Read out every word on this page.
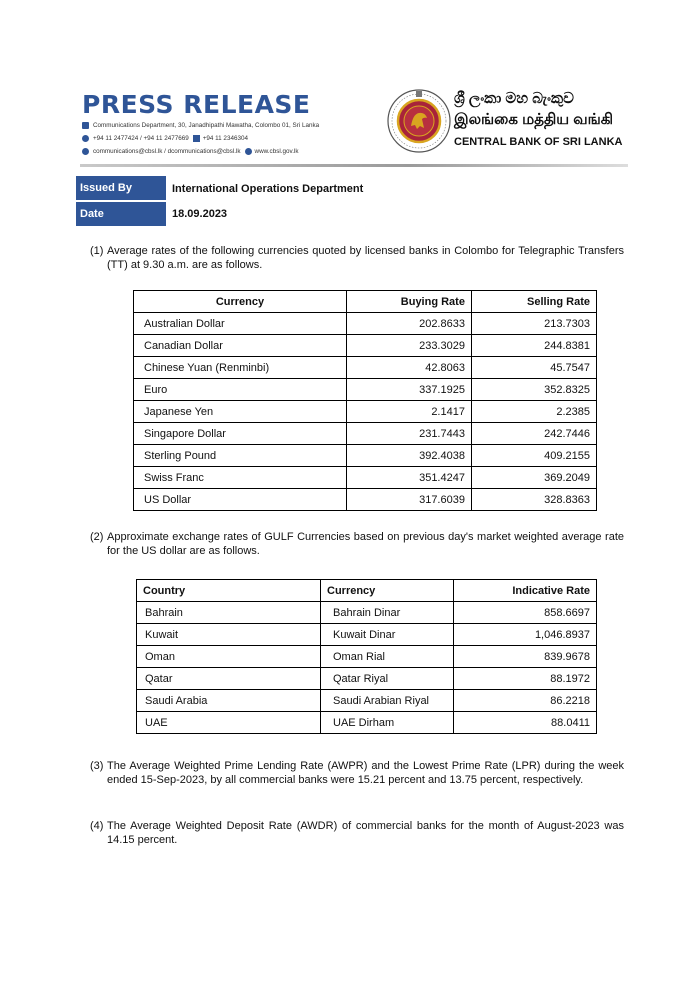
PRESS RELEASE
Communications Department, 30, Janadhipathi Mawatha, Colombo 01, Sri Lanka
+94 11 2477424 / +94 11 2477669 +94 11 2346304
communications@cbsl.lk / dcommunications@cbsl.lk www.cbsl.gov.lk
ශ්‍රී ලංකා මහ බැංකුව
இலங்கை மத்திய வங்கி
CENTRAL BANK OF SRI LANKA
Issued By	International Operations Department
Date	18.09.2023
(1) Average rates of the following currencies quoted by licensed banks in Colombo for Telegraphic Transfers (TT) at 9.30 a.m. are as follows.
Currency	Buying Rate	Selling Rate
Australian Dollar	202.8633	213.7303
Canadian Dollar	233.3029	244.8381
Chinese Yuan (Renminbi)	42.8063	45.7547
Euro	337.1925	352.8325
Japanese Yen	2.1417	2.2385
Singapore Dollar	231.7443	242.7446
Sterling Pound	392.4038	409.2155
Swiss Franc	351.4247	369.2049
US Dollar	317.6039	328.8363
(2) Approximate exchange rates of GULF Currencies based on previous day's market weighted average rate for the US dollar are as follows.
Country	Currency	Indicative Rate
Bahrain	Bahrain Dinar	858.6697
Kuwait	Kuwait Dinar	1,046.8937
Oman	Oman Rial	839.9678
Qatar	Qatar Riyal	88.1972
Saudi Arabia	Saudi Arabian Riyal	86.2218
UAE	UAE Dirham	88.0411
(3) The Average Weighted Prime Lending Rate (AWPR) and the Lowest Prime Rate (LPR) during the week ended 15-Sep-2023, by all commercial banks were 15.21 percent and 13.75 percent, respectively.
(4) The Average Weighted Deposit Rate (AWDR) of commercial banks for the month of August-2023 was 14.15 percent.
